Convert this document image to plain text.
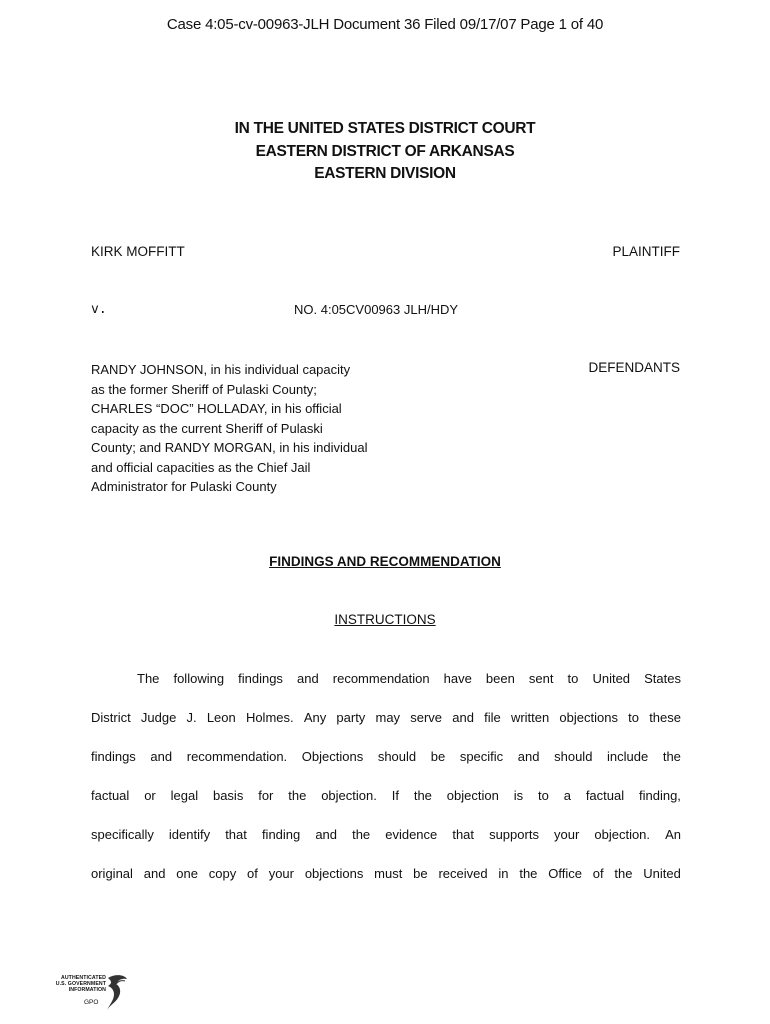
Case 4:05-cv-00963-JLH Document 36 Filed 09/17/07 Page 1 of 40
IN THE UNITED STATES DISTRICT COURT
EASTERN DISTRICT OF ARKANSAS
EASTERN DIVISION
KIRK MOFFITT	PLAINTIFF
v.	NO. 4:05CV00963 JLH/HDY
RANDY JOHNSON, in his individual capacity
as the former Sheriff of Pulaski County;
CHARLES “DOC” HOLLADAY, in his official
capacity as the current Sheriff of Pulaski
County; and RANDY MORGAN, in his individual
and official capacities as the Chief Jail
Administrator for Pulaski County
DEFENDANTS
FINDINGS AND RECOMMENDATION
INSTRUCTIONS
The following findings and recommendation have been sent to United States
District Judge J. Leon Holmes. Any party may serve and file written objections to these
findings and recommendation. Objections should be specific and should include the
factual or legal basis for the objection. If the objection is to a factual finding,
specifically identify that finding and the evidence that supports your objection. An
original and one copy of your objections must be received in the Office of the United
AUTHENTICATED
U.S. GOVERNMENT
INFORMATION
GPO
